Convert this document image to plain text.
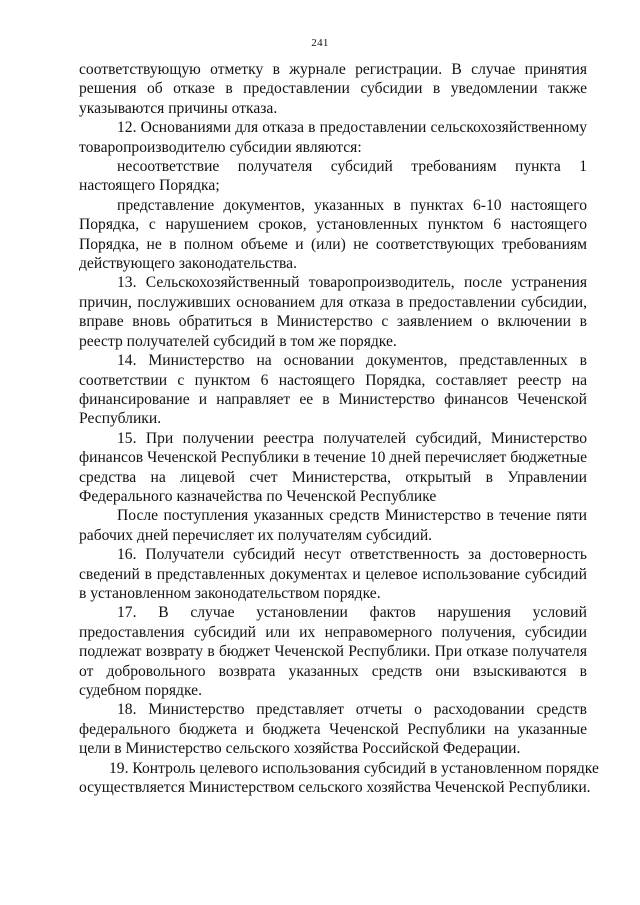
241

соответствующую отметку в журнале регистрации. В случае принятия решения об отказе в предоставлении субсидии в уведомлении также указываются причины отказа.

12. Основаниями для отказа в предоставлении сельскохозяйственному товаропроизводителю субсидии являются:

несоответствие получателя субсидий требованиям пункта 1 настоящего Порядка;

представление документов, указанных в пунктах 6-10 настоящего Порядка, с нарушением сроков, установленных пунктом 6 настоящего Порядка, не в полном объеме и (или) не соответствующих требованиям действующего законодательства.

13. Сельскохозяйственный товаропроизводитель, после устранения причин, послуживших основанием для отказа в предоставлении субсидии, вправе вновь обратиться в Министерство с заявлением о включении в реестр получателей субсидий в том же порядке.

14. Министерство на основании документов, представленных в соответствии с пунктом 6 настоящего Порядка, составляет реестр на финансирование и направляет ее в Министерство финансов Чеченской Республики.

15. При получении реестра получателей субсидий, Министерство финансов Чеченской Республики в течение 10 дней перечисляет бюджетные средства на лицевой счет Министерства, открытый в Управлении Федерального казначейства по Чеченской Республике

После поступления указанных средств Министерство в течение пяти рабочих дней перечисляет их получателям субсидий.

16. Получатели субсидий несут ответственность за достоверность сведений в представленных документах и целевое использование субсидий в установленном законодательством порядке.

17. В случае установлении фактов нарушения условий предоставления субсидий или их неправомерного получения, субсидии подлежат возврату в бюджет Чеченской Республики. При отказе получателя от добровольного возврата указанных средств они взыскиваются в судебном порядке.

18. Министерство представляет отчеты о расходовании средств федерального бюджета и бюджета Чеченской Республики на указанные цели в Министерство сельского хозяйства Российской Федерации.

19. Контроль целевого использования субсидий в установленном порядке осуществляется Министерством сельского хозяйства Чеченской Республики.
